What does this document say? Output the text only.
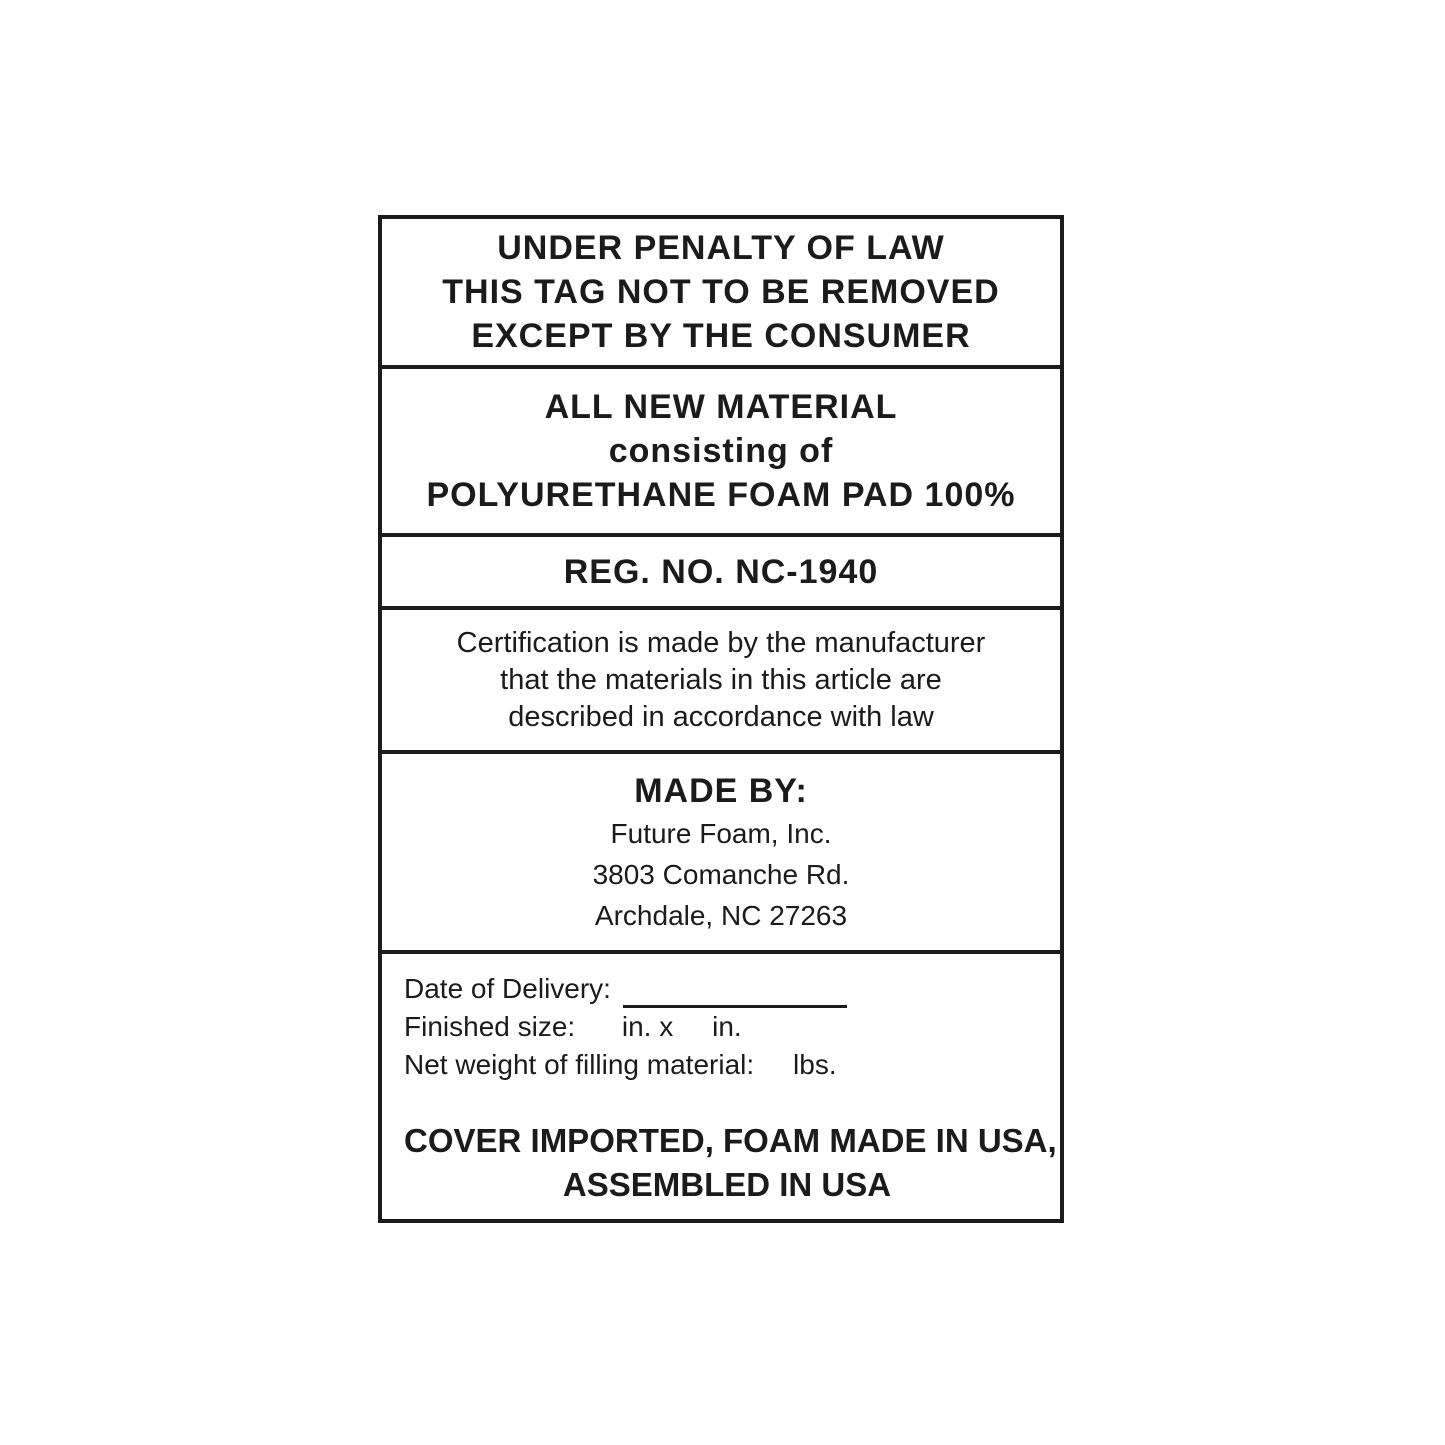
UNDER PENALTY OF LAW
THIS TAG NOT TO BE REMOVED
EXCEPT BY THE CONSUMER
ALL NEW MATERIAL
consisting of
POLYURETHANE FOAM PAD 100%
REG. NO. NC-1940
Certification is made by the manufacturer
that the materials in this article are
described in accordance with law
MADE BY:
Future Foam, Inc.
3803 Comanche Rd.
Archdale, NC 27263
Date of Delivery:
Finished size:      in. x     in.
Net weight of filling material:     lbs.
COVER IMPORTED, FOAM MADE IN USA,
ASSEMBLED IN USA
